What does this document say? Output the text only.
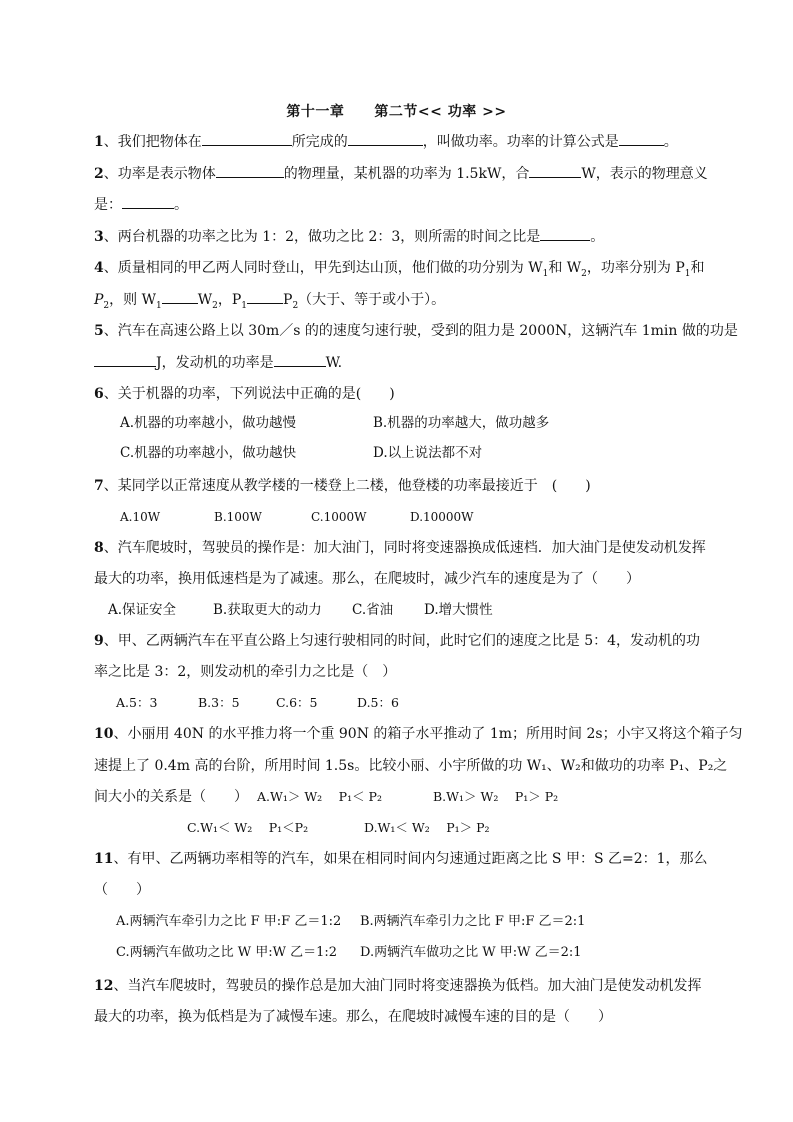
第十一章 第二节<< 功率 >>
1、我们把物体在	所完成的	，叫做功率。功率的计算公式是	。
2、功率是表示物体	的物理量，某机器的功率为 1.5kW，合	W，表示的物理意义
是：	。
3、两台机器的功率之比为 1：2，做功之比 2：3，则所需的时间之比是	。
4、质量相同的甲乙两人同时登山，甲先到达山顶，他们做的功分别为 $W_1$和 $W_2$，功率分别为 $P_1$和
$P_2$，则 $W_1$	$W_2$，$P_1$	$P_2$（大于、等于或小于）。
5、汽车在高速公路上以 30m／s 的的速度匀速行驶，受到的阻力是 2000N，这辆汽车 1min 做的功是
J，发动机的功率是	W.
6、关于机器的功率，下列说法中正确的是(　　)
A.机器的功率越小，做功越慢	B.机器的功率越大，做功越多
C.机器的功率越小，做功越快	D.以上说法都不对
7、某同学以正常速度从教学楼的一楼登上二楼，他登楼的功率最接近于　(　　)
A.10W	B.100W	C.1000W	D.10000W
8、汽车爬坡时，驾驶员的操作是：加大油门，同时将变速器换成低速档．加大油门是使发动机发挥
最大的功率，换用低速档是为了减速。那么，在爬坡时，减少汽车的速度是为了（　　）
A.保证安全	B.获取更大的动力 C.省油 D.增大惯性
9、甲、乙两辆汽车在平直公路上匀速行驶相同的时间，此时它们的速度之比是 5：4，发动机的功
率之比是 3：2，则发动机的牵引力之比是（　）
A.5：3	B.3：5	C.6：5	D.5：6
10、小丽用 40N 的水平推力将一个重 90N 的箱子水平推动了 1m；所用时间 2s；小宇又将这个箱子匀
速提上了 0.4m 高的台阶，所用时间 1.5s。比较小丽、小宇所做的功 W₁、W₂和做功的功率 P₁、P₂之
间大小的关系是（　　） A.W₁＞ W₂　 P₁＜ P₂	B.W₁＞ W₂　 P₁＞ P₂
C.W₁＜ W₂　 P₁＜P₂	D.W₁＜ W₂　 P₁＞ P₂
11、有甲、乙两辆功率相等的汽车，如果在相同时间内匀速通过距离之比 S 甲：S 乙=2：1，那么
（　　）
A.两辆汽车牵引力之比 F 甲:F 乙＝1:2 B.两辆汽车牵引力之比 F 甲:F 乙＝2:1
C.两辆汽车做功之比 W 甲:W 乙＝1:2 D.两辆汽车做功之比 W 甲:W 乙＝2:1
12、当汽车爬坡时，驾驶员的操作总是加大油门同时将变速器换为低档。加大油门是使发动机发挥
最大的功率，换为低档是为了减慢车速。那么，在爬坡时减慢车速的目的是（　　）
